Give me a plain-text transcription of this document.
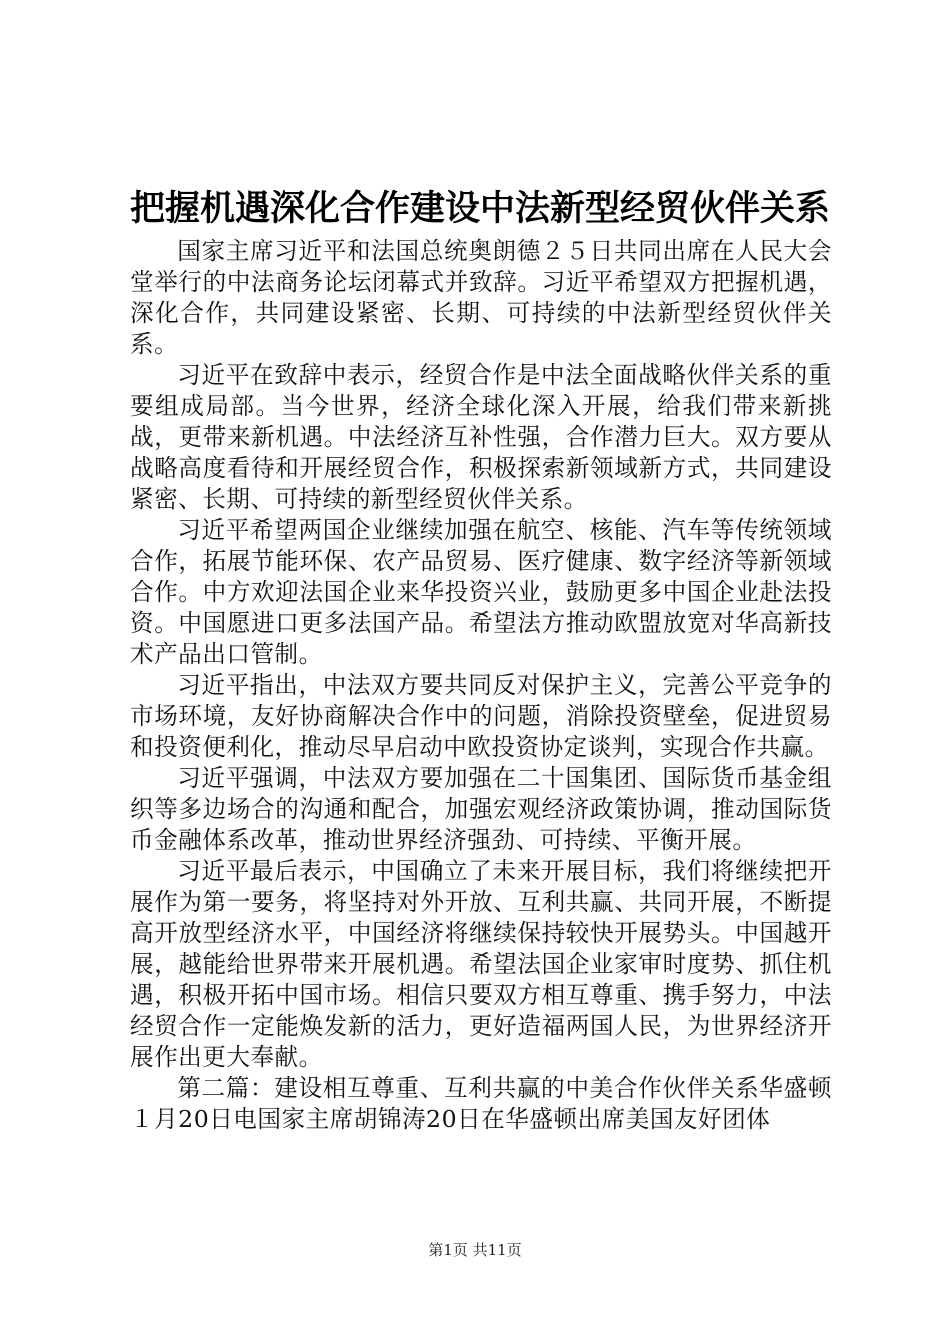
把握机遇深化合作建设中法新型经贸伙伴关系

国家主席习近平和法国总统奥朗德２５日共同出席在人民大会堂举行的中法商务论坛闭幕式并致辞。习近平希望双方把握机遇，深化合作，共同建设紧密、长期、可持续的中法新型经贸伙伴关系。

习近平在致辞中表示，经贸合作是中法全面战略伙伴关系的重要组成局部。当今世界，经济全球化深入开展，给我们带来新挑战，更带来新机遇。中法经济互补性强，合作潜力巨大。双方要从战略高度看待和开展经贸合作，积极探索新领域新方式，共同建设紧密、长期、可持续的新型经贸伙伴关系。

习近平希望两国企业继续加强在航空、核能、汽车等传统领域合作，拓展节能环保、农产品贸易、医疗健康、数字经济等新领域合作。中方欢迎法国企业来华投资兴业，鼓励更多中国企业赴法投资。中国愿进口更多法国产品。希望法方推动欧盟放宽对华高新技术产品出口管制。

习近平指出，中法双方要共同反对保护主义，完善公平竞争的市场环境，友好协商解决合作中的问题，消除投资壁垒，促进贸易和投资便利化，推动尽早启动中欧投资协定谈判，实现合作共赢。

习近平强调，中法双方要加强在二十国集团、国际货币基金组织等多边场合的沟通和配合，加强宏观经济政策协调，推动国际货币金融体系改革，推动世界经济强劲、可持续、平衡开展。

习近平最后表示，中国确立了未来开展目标，我们将继续把开展作为第一要务，将坚持对外开放、互利共赢、共同开展，不断提高开放型经济水平，中国经济将继续保持较快开展势头。中国越开展，越能给世界带来开展机遇。希望法国企业家审时度势、抓住机遇，积极开拓中国市场。相信只要双方相互尊重、携手努力，中法经贸合作一定能焕发新的活力，更好造福两国人民，为世界经济开展作出更大奉献。

第二篇：建设相互尊重、互利共赢的中美合作伙伴关系华盛顿１月20日电国家主席胡锦涛20日在华盛顿出席美国友好团体

第1页 共11页
